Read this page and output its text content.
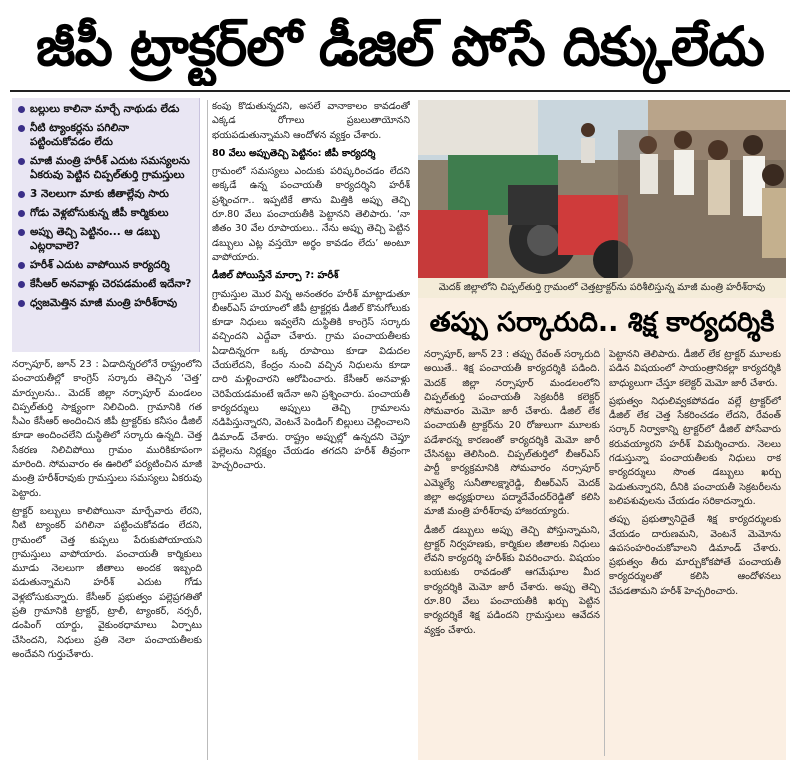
జీపీ ట్రాక్టర్‌లో డీజిల్‌ పోసే దిక్కులేదు
బల్లులు కాలినా మార్చే నాథుడు లేడు
నీటి ట్యాంకర్లను పగిలినా పట్టించుకోవడం లేదు
మాజీ మంత్రి హరీశ్‌ ఎదుట సమస్యలను ఏకరువు పెట్టిన చిప్పల్‌తుర్తి గ్రామస్తులు
3 నెలలుగా మాకు జీతాల్లేవు సారు
గోడు వెళ్లబోసుకున్న జీపీ కార్మికులు
అప్పు తెచ్చి పెట్టినం... ఆ డబ్బు ఎట్లరావాలె?
హరీశ్‌ ఎదుట వాపోయిన కార్యదర్శి
కేసీఆర్‌ అనవాళ్లు చెరపడమంటే ఇదేనా?
ధ్వజమెత్తిన మాజీ మంత్రి హరీశ్‌రావు

నర్సాపూర్‌, జూన్‌ 23 : ఏడాదిన్నరలోనే రాష్ట్రంలోని పంచాయతీల్లో కాంగ్రెస్‌ సర్కారు తెచ్చిన ‘చెత్త’ మార్పులను.. మెదక్‌ జిల్లా నర్సాపూర్‌ మండలం చిప్పల్‌తుర్తి సాక్ష్యంగా నిలిచింది. గ్రామానికి గత సీఎం కేసీఆర్‌ అందించిన జీపీ ట్రాక్టర్‌కు కనీసం డీజిల్‌ కూడా అందించలేని దుస్థితిలో సర్కారు ఉన్నది. చెత్త సేకరణ నిలిచిపోయి గ్రామం మురికికూపంగా మారింది. సోమవారం ఈ ఊరిలో పర్యటించిన మాజీ మంత్రి హరీశ్‌రావుకు గ్రామస్తులు సమస్యలు ఏకరువు పెట్టారు.

ట్రాక్టర్‌ బల్బులు కాలిపోయినా మార్చేవారు లేరని, నీటి ట్యాంకర్‌ పగిలినా పట్టించుకోవడం లేదని, గ్రామంలో చెత్త కుప్పలు పేరుకుపోయాయని గ్రామస్తులు వాపోయారు. పంచాయతీ కార్మికులు మూడు నెలలుగా జీతాలు అందక ఇబ్బంది పడుతున్నామని హరీశ్‌ ఎదుట గోడు వెళ్లబోసుకున్నారు. కేసీఆర్‌ ప్రభుత్వం పల్లెప్రగతితో ప్రతి గ్రామానికి ట్రాక్టర్‌, ట్రాలీ, ట్యాంకర్‌, నర్సరీ, డంపింగ్‌ యార్డు, వైకుంఠధామాలు ఏర్పాటు చేసిందని, నిధులు ప్రతి నెలా పంచాయతీలకు అందేవని గుర్తుచేశారు.

కంపు కొడుతున్నదని, అసలే వానాకాలం కావడంతో ఎక్కడ రోగాలు ప్రబలుతాయోనని భయపడుతున్నామని ఆందోళన వ్యక్తం చేశారు.

80 వేలు అప్పుతెచ్చి పెట్టినం: జీపీ కార్యదర్శి

గ్రామంలో సమస్యలు ఎందుకు పరిష్కరించడం లేదని అక్కడే ఉన్న పంచాయతీ కార్యదర్శిని హరీశ్‌ ప్రశ్నించగా.. ఇప్పటికే తాను మిత్తికి అప్పు తెచ్చి రూ.80 వేలు పంచాయతీకి పెట్టానని తెలిపారు. ‘నా జీతం 30 వేల రూపాయలు.. నేను అప్పు తెచ్చి పెట్టిన డబ్బులు ఎట్ల వస్తయో అర్థం కావడం లేదు’ అంటూ వాపోయారు.

డీజిల్‌ పోయిస్తేనే మార్పా ?: హరీశ్‌

గ్రామస్తుల మొర విన్న అనంతరం హరీశ్‌ మాట్లాడుతూ బీఆర్‌ఎస్‌ హయాంలో జీపీ ట్రాక్టర్లకు డీజిల్‌ కొనుగోలుకు కూడా నిధులు ఇవ్వలేని దుస్థితికి కాంగ్రెస్‌ సర్కారు వచ్చిందని ఎద్దేవా చేశారు. గ్రామ పంచాయతీలకు ఏడాదిన్నరగా ఒక్క రూపాయి కూడా విడుదల చేయలేదని, కేంద్రం నుంచి వచ్చిన నిధులను కూడా దారి మళ్లించారని ఆరోపించారు. కేసీఆర్‌ అనవాళ్లు చెరిపేయడమంటే ఇదేనా అని ప్రశ్నించారు. పంచాయతీ కార్యదర్శులు అప్పులు తెచ్చి గ్రామాలను నడిపిస్తున్నారని, వెంటనే పెండింగ్‌ బిల్లులు చెల్లించాలని డిమాండ్‌ చేశారు. రాష్ట్రం అప్పుల్లో ఉన్నదని చెప్తూ పల్లెలను నిర్లక్ష్యం చేయడం తగదని హరీశ్‌ తీవ్రంగా హెచ్చరించారు.

మెదక్‌ జిల్లాలోని చిప్పల్‌తుర్తి గ్రామంలో చెత్తట్రాక్టర్‌ను పరిశీలిస్తున్న మాజీ మంత్రి హరీశ్‌రావు
తప్పు సర్కారుది.. శిక్ష కార్యదర్శికి

నర్సాపూర్‌, జూన్‌ 23 : తప్పు రేవంత్‌ సర్కారుది అయితే.. శిక్ష పంచాయతీ కార్యదర్శికి పడింది. మెదక్‌ జిల్లా నర్సాపూర్‌ మండలంలోని చిప్పల్‌తుర్తి పంచాయతీ సెక్రటరీకి కలెక్టర్‌ సోమవారం మెమో జారీ చేశారు. డీజిల్‌ లేక పంచాయతీ ట్రాక్టర్‌ను 20 రోజులుగా మూలకు పడేశారన్న కారణంతో కార్యదర్శికి మెమో జారీ చేసినట్టు తెలిసింది. చిప్పల్‌తుర్తిలో బీఆర్‌ఎస్‌ పార్టీ కార్యక్రమానికి సోమవారం నర్సాపూర్‌ ఎమ్మెల్యే సునీతాలక్ష్మారెడ్డి, బీఆర్‌ఎస్‌ మెదక్‌ జిల్లా అధ్యక్షురాలు పద్మాదేవేందర్‌రెడ్డితో కలిసి మాజీ మంత్రి హరీశ్‌రావు హాజరయ్యారు.

డీజిల్‌ డబ్బులు అప్పు తెచ్చి పోస్తున్నామని, ట్రాక్టర్‌ నిర్వహణకు, కార్మికుల జీతాలకు నిధులు లేవని కార్యదర్శి హరీశ్‌కు వివరించారు. విషయం బయటకు రావడంతో ఆగమేఘాల మీద కార్యదర్శికి మెమో జారీ చేశారు. అప్పు తెచ్చి రూ.80 వేలు పంచాయతీకి ఖర్చు పెట్టిన కార్యదర్శికే శిక్ష పడిందని గ్రామస్తులు ఆవేదన వ్యక్తం చేశారు.

పెట్టానని తెలిపారు. డీజిల్‌ లేక ట్రాక్టర్‌ మూలకు పడిన విషయంలో సాయంత్రానికల్లా కార్యదర్శికి బాధ్యులుగా చేస్తూ కలెక్టర్‌ మెమో జారీ చేశారు.

ప్రభుత్వం నిధులివ్వకపోవడం వల్లే ట్రాక్టర్‌లో డీజిల్‌ లేక చెత్త సేకరించడం లేదని, రేవంత్‌ సర్కార్‌ నిర్వాకాన్ని ట్రాక్టర్‌లో డీజిల్‌ పోసేవారు కరువయ్యారని హరీశ్‌ విమర్శించారు. నెలలు గడుస్తున్నా పంచాయతీలకు నిధులు రాక కార్యదర్శులు సొంత డబ్బులు ఖర్చు పెడుతున్నారని, దీనికి పంచాయతీ సెక్రటరీలను బలిపశువులను చేయడం సరికాదన్నారు.

తప్పు ప్రభుత్వానిదైతే శిక్ష కార్యదర్శులకు వేయడం దారుణమని, వెంటనే మెమోను ఉపసంహరించుకోవాలని డిమాండ్‌ చేశారు. ప్రభుత్వం తీరు మార్చుకోకపోతే పంచాయతీ కార్యదర్శులతో కలిసి ఆందోళనలు చేపడతామని హరీశ్‌ హెచ్చరించారు.
